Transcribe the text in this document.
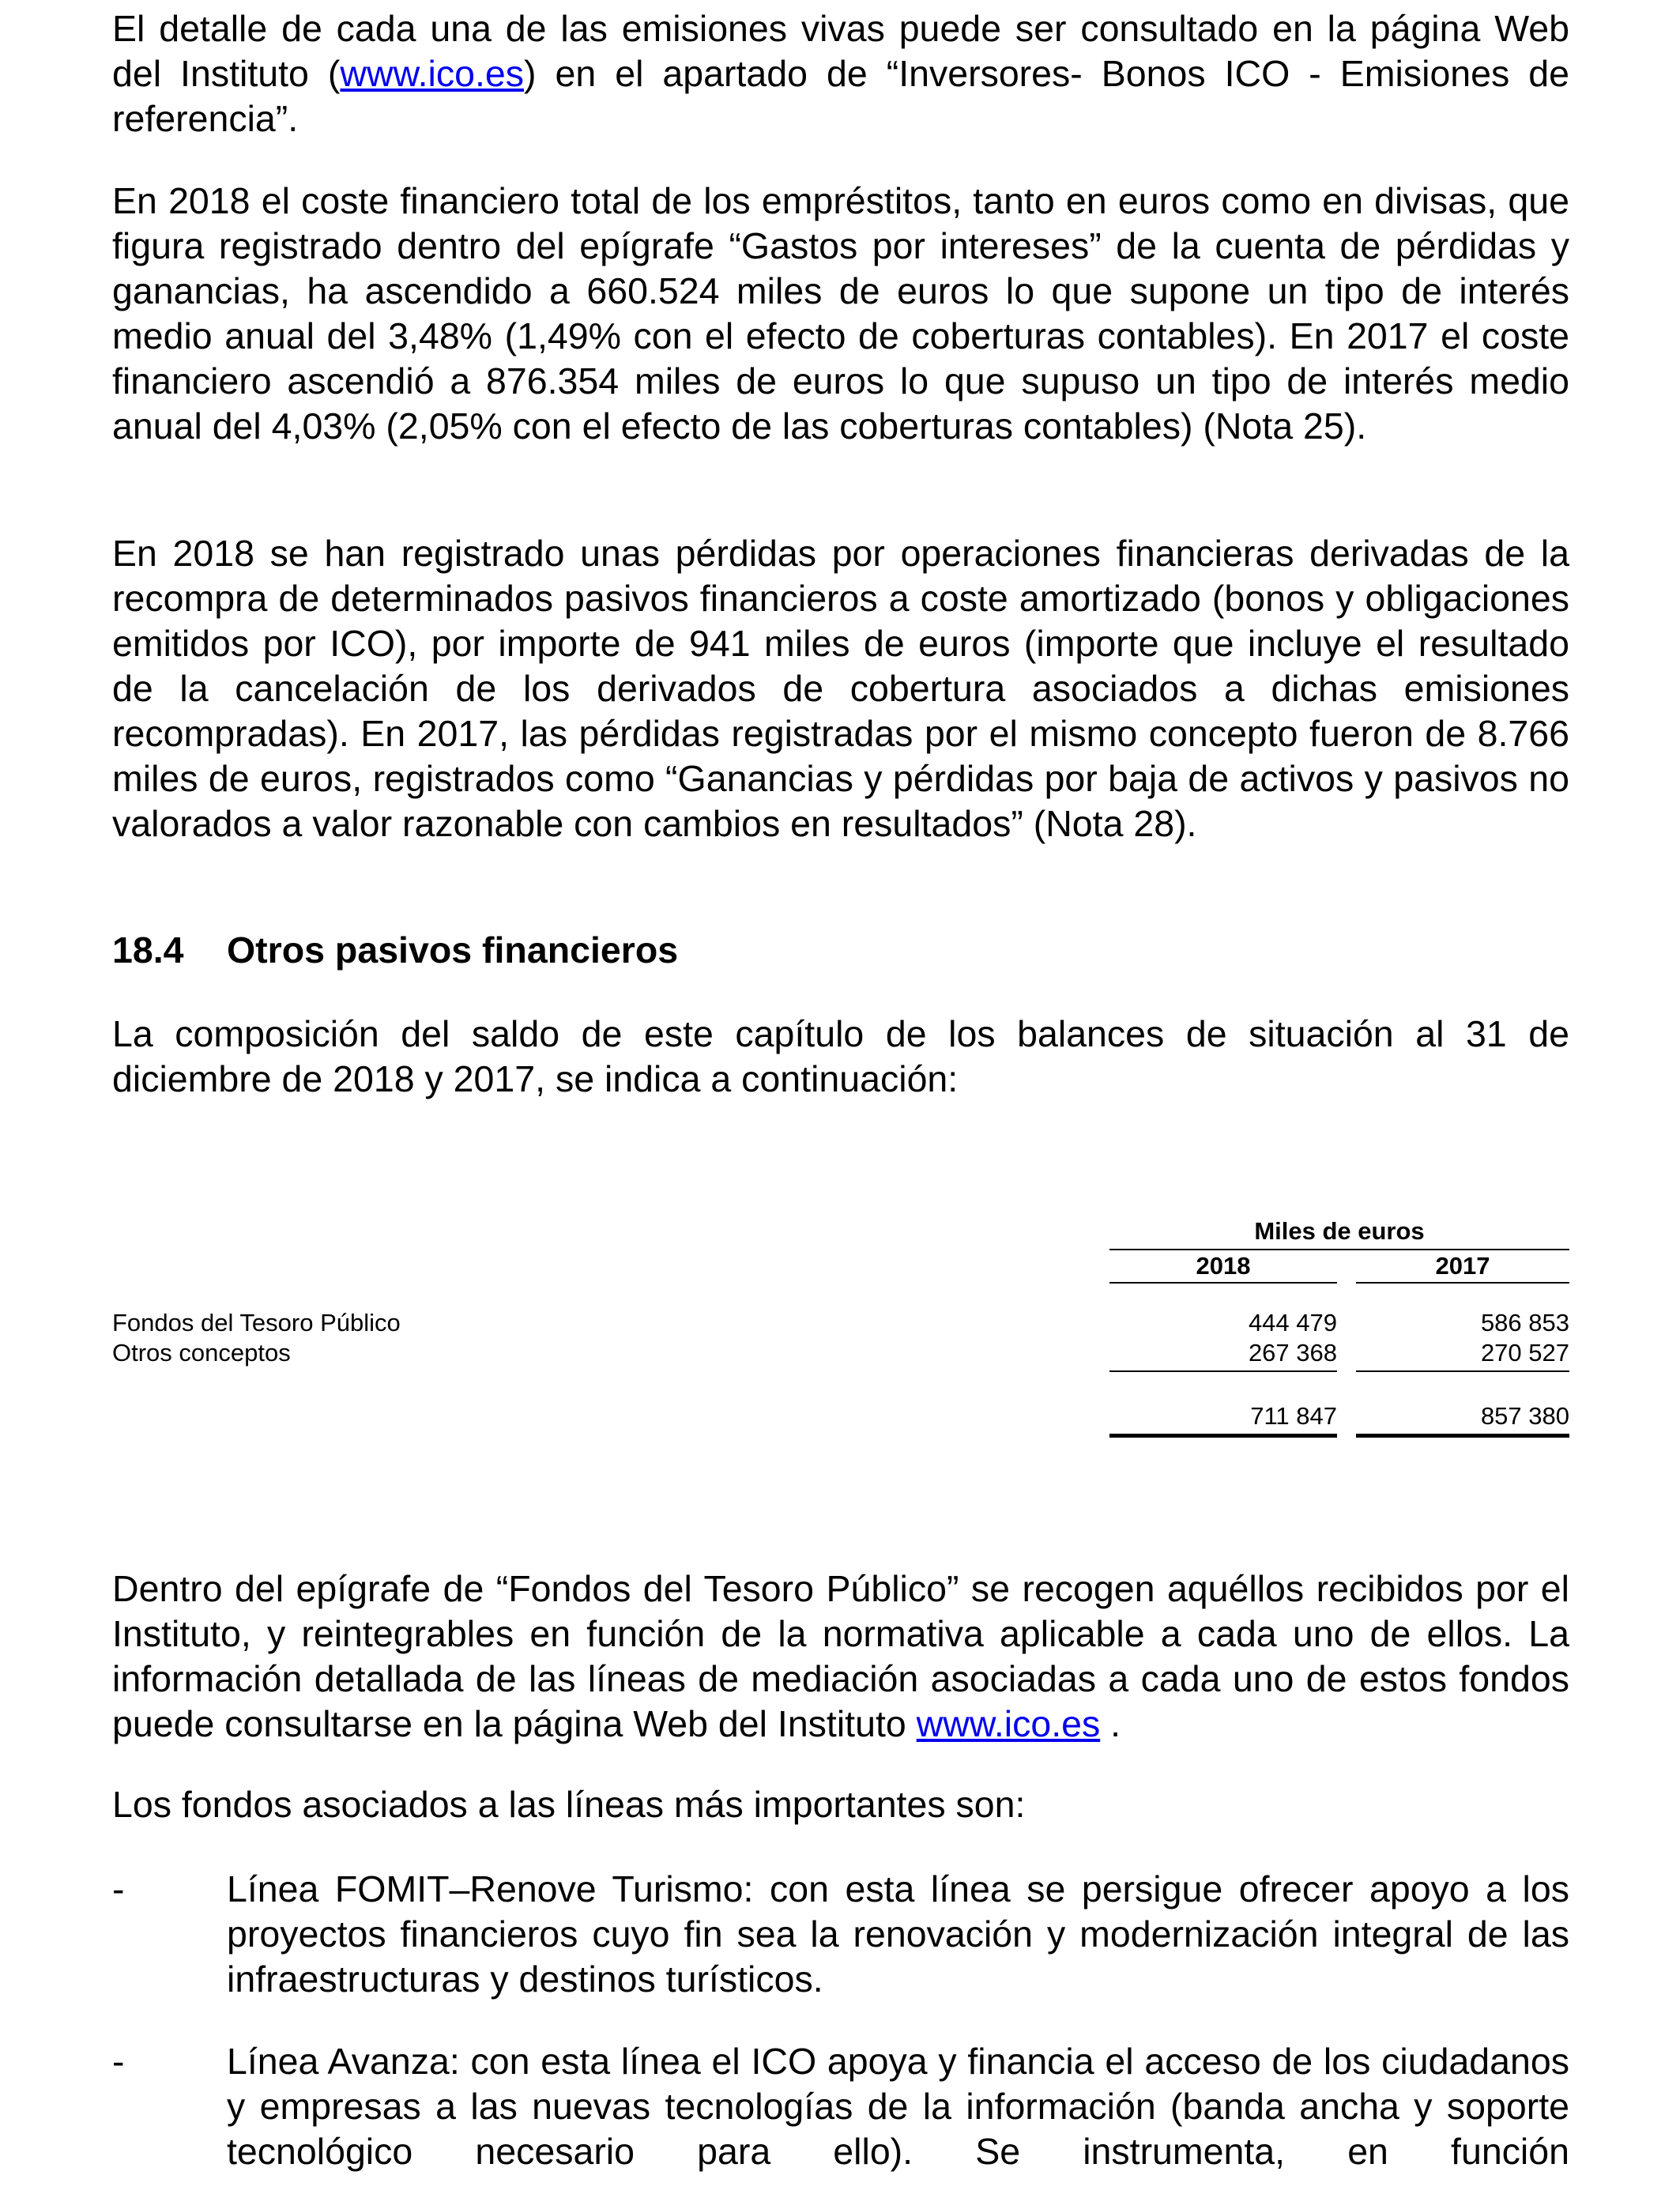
El detalle de cada una de las emisiones vivas puede ser consultado en la página Web del Instituto (www.ico.es) en el apartado de “Inversores- Bonos ICO - Emisiones de referencia”.

En 2018 el coste financiero total de los empréstitos, tanto en euros como en divisas, que figura registrado dentro del epígrafe “Gastos por intereses” de la cuenta de pérdidas y ganancias, ha ascendido a 660.524 miles de euros lo que supone un tipo de interés medio anual del 3,48% (1,49% con el efecto de coberturas contables). En 2017 el coste financiero ascendió a 876.354 miles de euros lo que supuso un tipo de interés medio anual del 4,03% (2,05% con el efecto de las coberturas contables) (Nota 25).

En 2018 se han registrado unas pérdidas por operaciones financieras derivadas de la recompra de determinados pasivos financieros a coste amortizado (bonos y obligaciones emitidos por ICO), por importe de 941 miles de euros (importe que incluye el resultado de la cancelación de los derivados de cobertura asociados a dichas emisiones recompradas). En 2017, las pérdidas registradas por el mismo concepto fueron de 8.766 miles de euros, registrados como “Ganancias y pérdidas por baja de activos y pasivos no valorados a valor razonable con cambios en resultados” (Nota 28).

18.4 Otros pasivos financieros

La composición del saldo de este capítulo de los balances de situación al 31 de diciembre de 2018 y 2017, se indica a continuación:

Miles de euros
2018	2017
Fondos del Tesoro Público	444 479	586 853
Otros conceptos	267 368	270 527
711 847	857 380

Dentro del epígrafe de “Fondos del Tesoro Público” se recogen aquéllos recibidos por el Instituto, y reintegrables en función de la normativa aplicable a cada uno de ellos. La información detallada de las líneas de mediación asociadas a cada uno de estos fondos puede consultarse en la página Web del Instituto www.ico.es .

Los fondos asociados a las líneas más importantes son:

-	Línea FOMIT–Renove Turismo: con esta línea se persigue ofrecer apoyo a los proyectos financieros cuyo fin sea la renovación y modernización integral de las infraestructuras y destinos turísticos.

-	Línea Avanza: con esta línea el ICO apoya y financia el acceso de los ciudadanos y empresas a las nuevas tecnologías de la información (banda ancha y soporte tecnológico necesario para ello). Se instrumenta, en función
